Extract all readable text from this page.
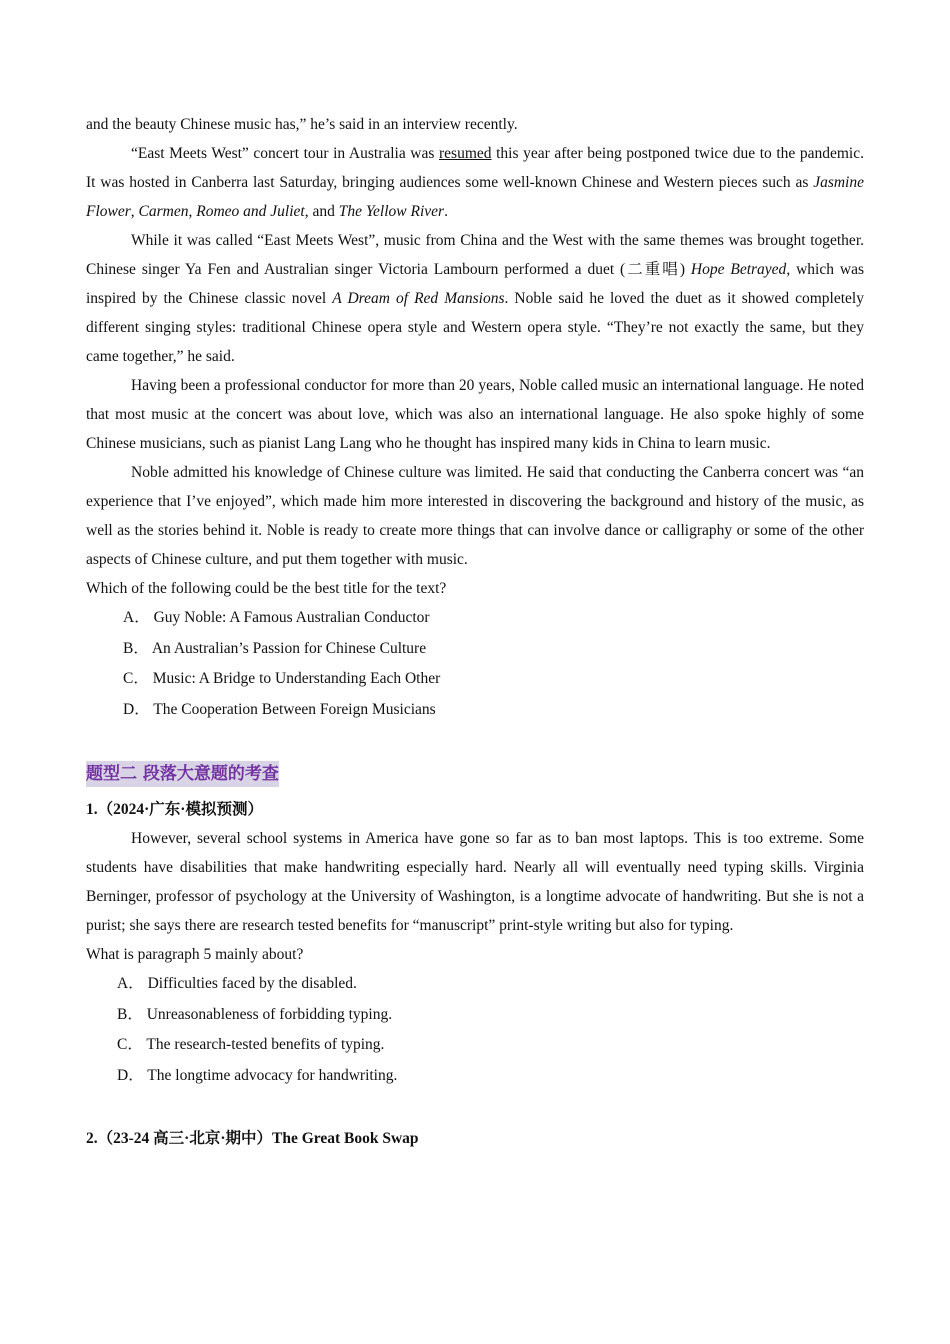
and the beauty Chinese music has,” he’s said in an interview recently.

“East Meets West” concert tour in Australia was resumed this year after being postponed twice due to the pandemic. It was hosted in Canberra last Saturday, bringing audiences some well-known Chinese and Western pieces such as Jasmine Flower, Carmen, Romeo and Juliet, and The Yellow River.

While it was called “East Meets West”, music from China and the West with the same themes was brought together. Chinese singer Ya Fen and Australian singer Victoria Lambourn performed a duet (二重唱) Hope Betrayed, which was inspired by the Chinese classic novel A Dream of Red Mansions. Noble said he loved the duet as it showed completely different singing styles: traditional Chinese opera style and Western opera style. “They’re not exactly the same, but they came together,” he said.

Having been a professional conductor for more than 20 years, Noble called music an international language. He noted that most music at the concert was about love, which was also an international language. He also spoke highly of some Chinese musicians, such as pianist Lang Lang who he thought has inspired many kids in China to learn music.

Noble admitted his knowledge of Chinese culture was limited. He said that conducting the Canberra concert was “an experience that I’ve enjoyed”, which made him more interested in discovering the background and history of the music, as well as the stories behind it. Noble is ready to create more things that can involve dance or calligraphy or some of the other aspects of Chinese culture, and put them together with music.

Which of the following could be the best title for the text?

A． Guy Noble: A Famous Australian Conductor
B． An Australian’s Passion for Chinese Culture
C． Music: A Bridge to Understanding Each Other
D． The Cooperation Between Foreign Musicians
题型二 段落大意题的考查
1.（2024·广东·模拟预测）

However, several school systems in America have gone so far as to ban most laptops. This is too extreme. Some students have disabilities that make handwriting especially hard. Nearly all will eventually need typing skills. Virginia Berninger, professor of psychology at the University of Washington, is a longtime advocate of handwriting. But she is not a purist; she says there are research tested benefits for “manuscript” print-style writing but also for typing.

What is paragraph 5 mainly about?

A． Difficulties faced by the disabled.
B． Unreasonableness of forbidding typing.
C． The research-tested benefits of typing.
D． The longtime advocacy for handwriting.
2.（23-24 高三·北京·期中）The Great Book Swap
